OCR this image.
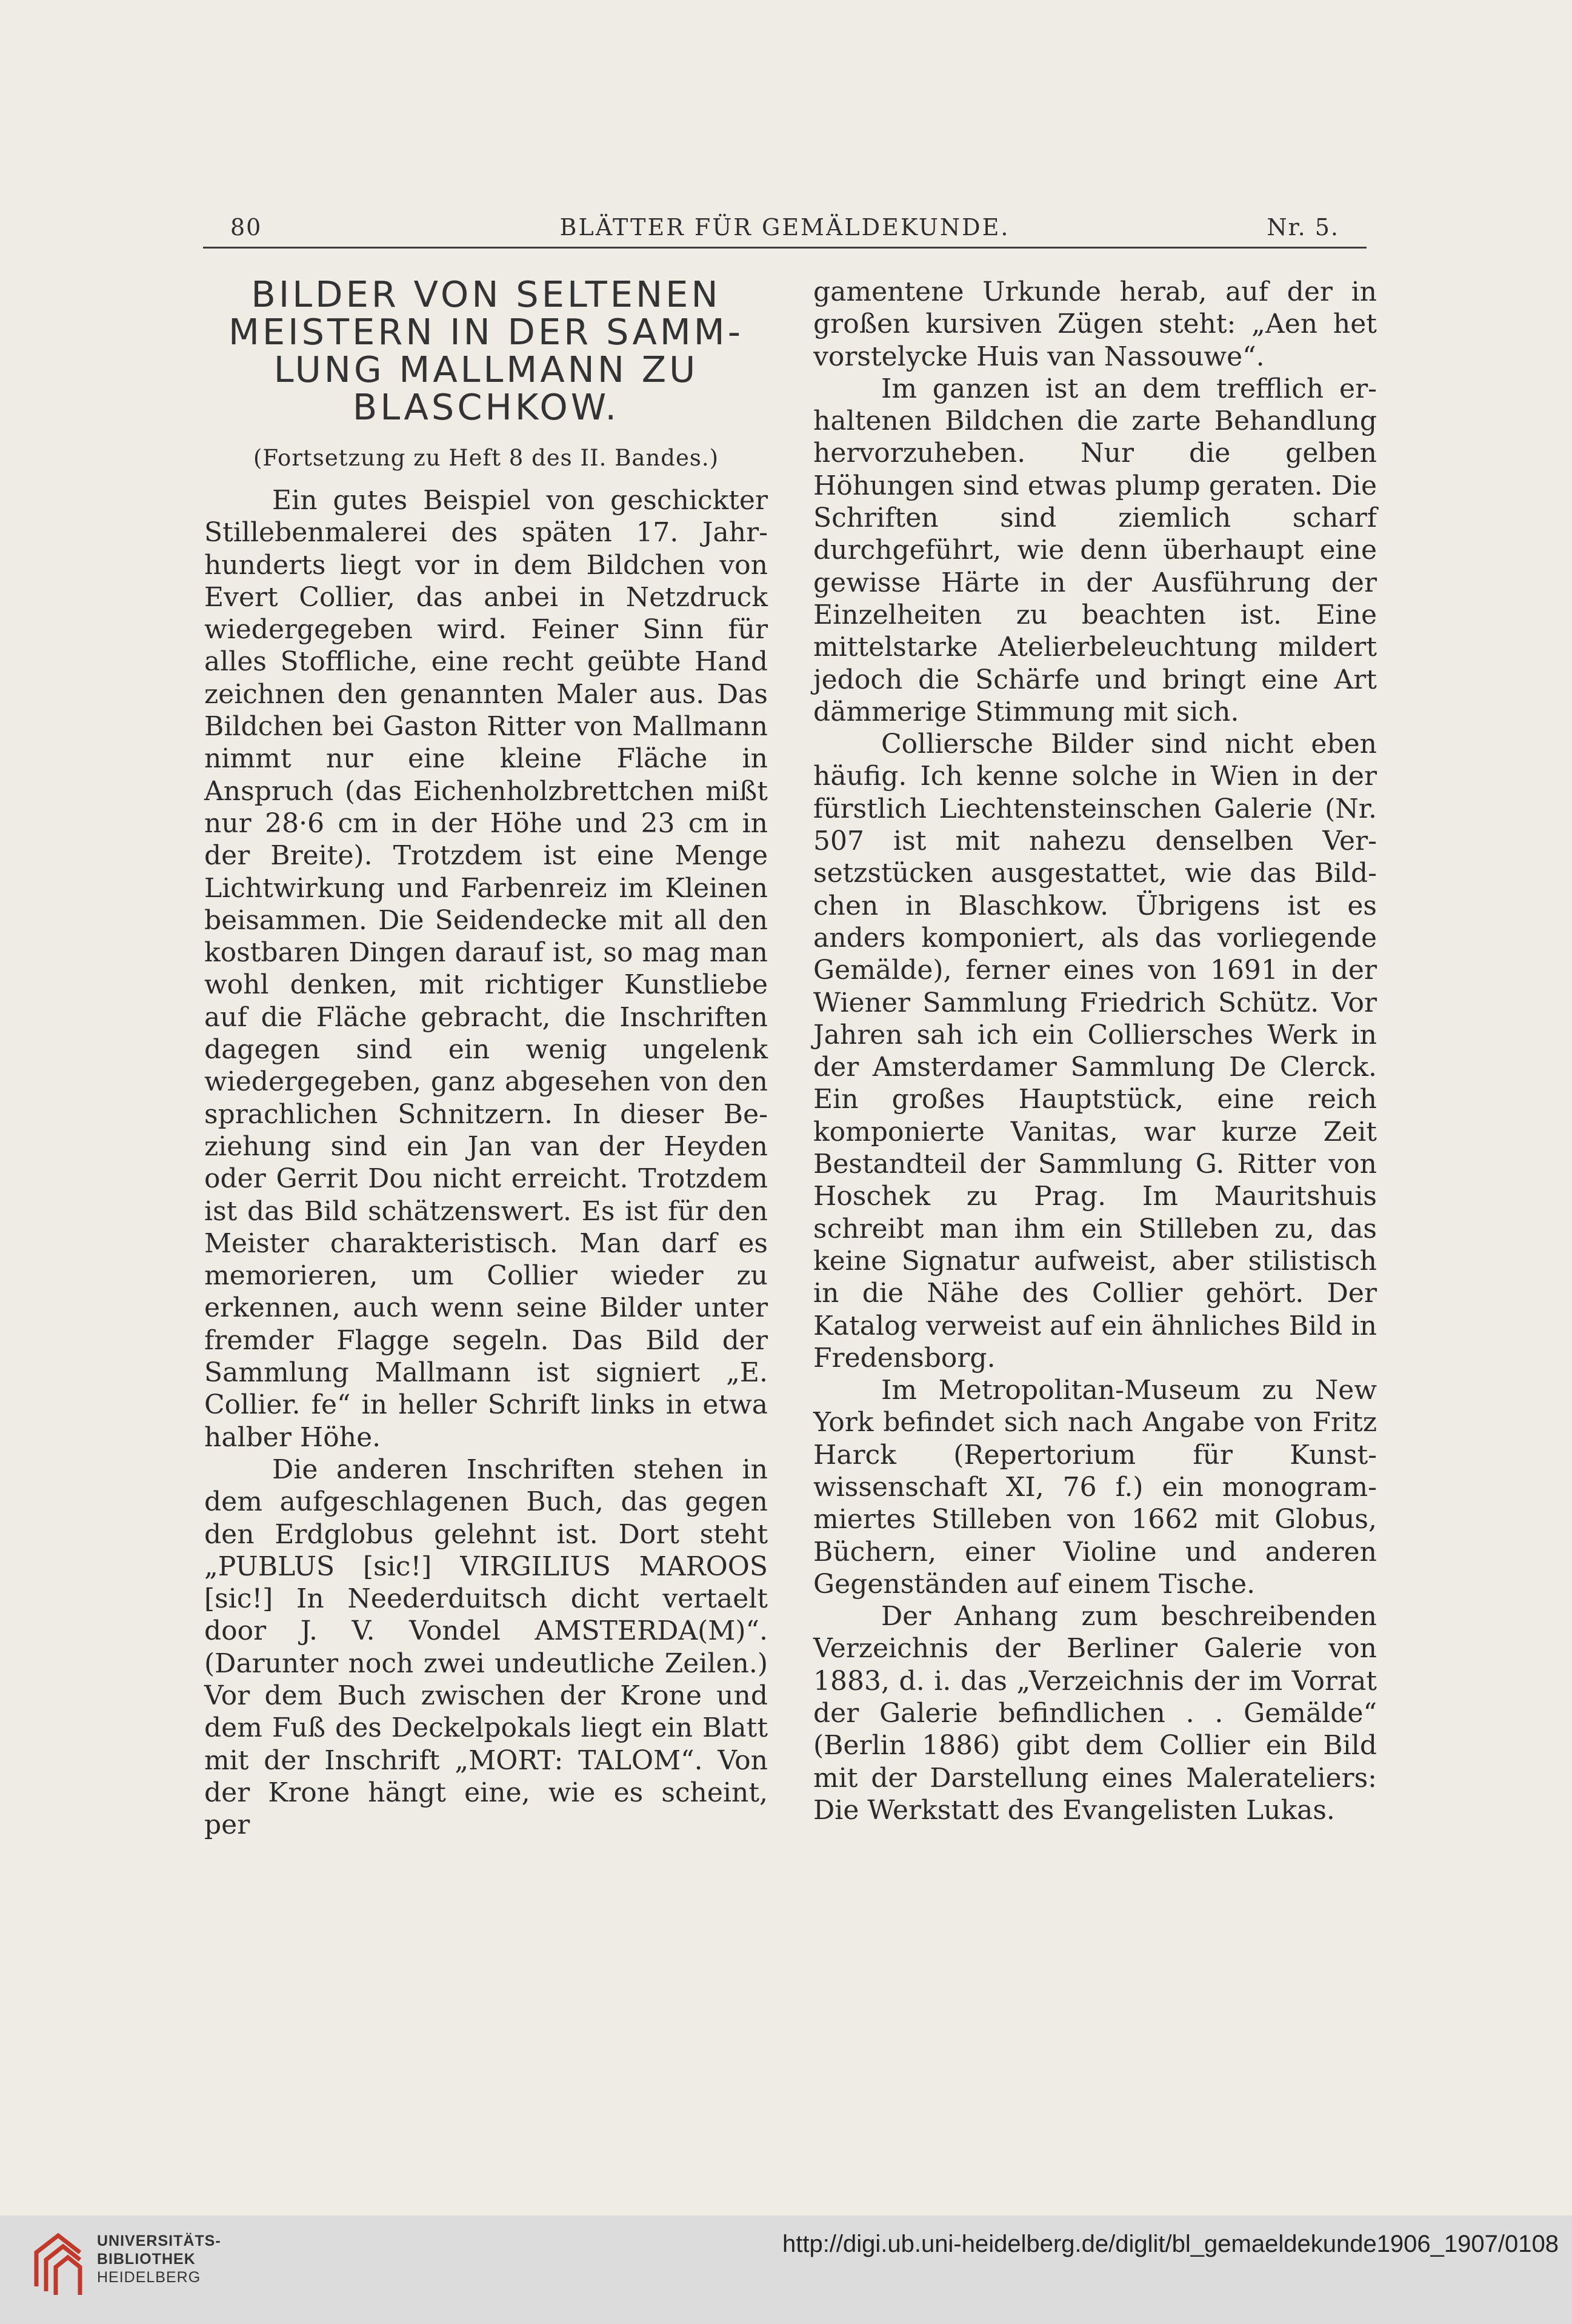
80	BLÄTTER FÜR GEMÄLDEKUNDE.	Nr. 5.
BILDER VON SELTENEN
MEISTERN IN DER SAMM-
LUNG MALLMANN ZU
BLASCHKOW.
(Fortsetzung zu Heft 8 des II. Bandes.)

Ein gutes Beispiel von geschickter Stillebenmalerei des späten 17. Jahrhunderts liegt vor in dem Bildchen von Evert Collier, das anbei in Netzdruck wiedergegeben wird. Feiner Sinn für alles Stoffliche, eine recht geübte Hand zeichnen den genannten Maler aus. Das Bildchen bei Gaston Ritter von Mallmann nimmt nur eine kleine Fläche in Anspruch (das Eichenholzbrettchen mißt nur 28·6 cm in der Höhe und 23 cm in der Breite). Trotzdem ist eine Menge Lichtwirkung und Farbenreiz im Kleinen beisammen. Die Seidendecke mit all den kostbaren Dingen darauf ist, so mag man wohl denken, mit richtiger Kunstliebe auf die Fläche gebracht, die Inschriften dagegen sind ein wenig ungelenk wiedergegeben, ganz abgesehen von den sprachlichen Schnitzern. In dieser Beziehung sind ein Jan van der Heyden oder Gerrit Dou nicht erreicht. Trotzdem ist das Bild schätzenswert. Es ist für den Meister charakteristisch. Man darf es memorieren, um Collier wieder zu erkennen, auch wenn seine Bilder unter fremder Flagge segeln. Das Bild der Sammlung Mallmann ist signiert „E. Collier. fe“ in heller Schrift links in etwa halber Höhe.

Die anderen Inschriften stehen in dem aufgeschlagenen Buch, das gegen den Erdglobus gelehnt ist. Dort steht „PUBLUS [sic!] VIRGILIUS MAROOS [sic!] In Neederduitsch dicht vertaelt door J. V. Vondel AMSTERDA(M)“. (Darunter noch zwei undeutliche Zeilen.) Vor dem Buch zwischen der Krone und dem Fuß des Deckelpokals liegt ein Blatt mit der Inschrift „MORT: TALOM“. Von der Krone hängt eine, wie es scheint, per

gamentene Urkunde herab, auf der in großen kursiven Zügen steht: „Aen het vorstelycke Huis van Nassouwe“.

Im ganzen ist an dem trefflich erhaltenen Bildchen die zarte Behandlung hervorzuheben. Nur die gelben Höhungen sind etwas plump geraten. Die Schriften sind ziemlich scharf durchgeführt, wie denn überhaupt eine gewisse Härte in der Ausführung der Einzelheiten zu beachten ist. Eine mittelstarke Atelierbeleuchtung mildert jedoch die Schärfe und bringt eine Art dämmerige Stimmung mit sich.

Colliersche Bilder sind nicht eben häufig. Ich kenne solche in Wien in der fürstlich Liechtensteinschen Galerie (Nr. 507 ist mit nahezu denselben Versetzstücken ausgestattet, wie das Bildchen in Blaschkow. Übrigens ist es anders komponiert, als das vorliegende Gemälde), ferner eines von 1691 in der Wiener Sammlung Friedrich Schütz. Vor Jahren sah ich ein Colliersches Werk in der Amsterdamer Sammlung De Clerck. Ein großes Hauptstück, eine reich komponierte Vanitas, war kurze Zeit Bestandteil der Sammlung G. Ritter von Hoschek zu Prag. Im Mauritshuis schreibt man ihm ein Stilleben zu, das keine Signatur aufweist, aber stilistisch in die Nähe des Collier gehört. Der Katalog verweist auf ein ähnliches Bild in Fredensborg.

Im Metropolitan-Museum zu New York befindet sich nach Angabe von Fritz Harck (Repertorium für Kunstwissenschaft XI, 76 f.) ein monogrammiertes Stilleben von 1662 mit Globus, Büchern, einer Violine und anderen Gegenständen auf einem Tische.

Der Anhang zum beschreibenden Verzeichnis der Berliner Galerie von 1883, d. i. das „Verzeichnis der im Vorrat der Galerie befindlichen . . Gemälde“ (Berlin 1886) gibt dem Collier ein Bild mit der Darstellung eines Malerateliers: Die Werkstatt des Evangelisten Lukas.

UNIVERSITÄTS-
BIBLIOTHEK
HEIDELBERG
http://digi.ub.uni-heidelberg.de/diglit/bl_gemaeldekunde1906_1907/0108
